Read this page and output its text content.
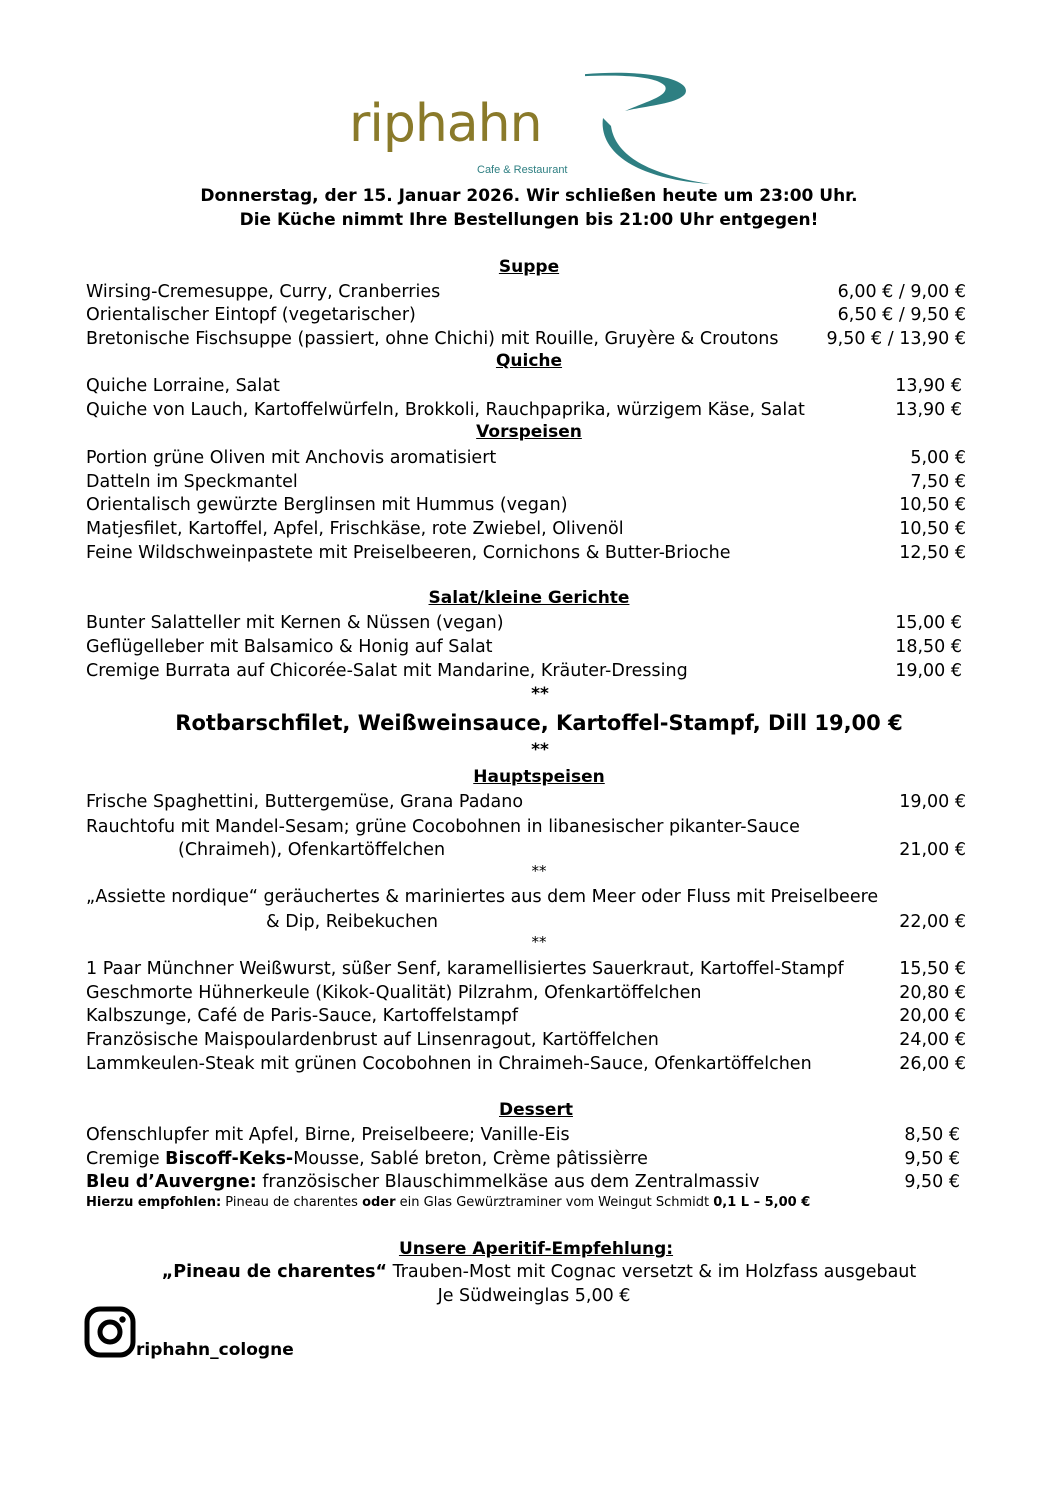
riphahn
Cafe & Restaurant
Donnerstag, der 15. Januar 2026. Wir schließen heute um 23:00 Uhr.
Die Küche nimmt Ihre Bestellungen bis 21:00 Uhr entgegen!
Suppe
Wirsing-Cremesuppe, Curry, Cranberries	6,00 € / 9,00 €
Orientalischer Eintopf (vegetarischer)	6,50 € / 9,50 €
Bretonische Fischsuppe (passiert, ohne Chichi) mit Rouille, Gruyère & Croutons	9,50 € / 13,90 €
Quiche
Quiche Lorraine, Salat	13,90 €
Quiche von Lauch, Kartoffelwürfeln, Brokkoli, Rauchpaprika, würzigem Käse, Salat	13,90 €
Vorspeisen
Portion grüne Oliven mit Anchovis aromatisiert	5,00 €
Datteln im Speckmantel	7,50 €
Orientalisch gewürzte Berglinsen mit Hummus (vegan)	10,50 €
Matjesfilet, Kartoffel, Apfel, Frischkäse, rote Zwiebel, Olivenöl	10,50 €
Feine Wildschweinpastete mit Preiselbeeren, Cornichons & Butter-Brioche	12,50 €
Salat/kleine Gerichte
Bunter Salatteller mit Kernen & Nüssen (vegan)	15,00 €
Geflügelleber mit Balsamico & Honig auf Salat	18,50 €
Cremige Burrata auf Chicorée-Salat mit Mandarine, Kräuter-Dressing	19,00 €
**
Rotbarschfilet, Weißweinsauce, Kartoffel-Stampf, Dill 19,00 €
**
Hauptspeisen
Frische Spaghettini, Buttergemüse, Grana Padano	19,00 €
Rauchtofu mit Mandel-Sesam; grüne Cocobohnen in libanesischer pikanter-Sauce
(Chraimeh), Ofenkartöffelchen	21,00 €
**
„Assiette nordique“ geräuchertes & mariniertes aus dem Meer oder Fluss mit Preiselbeere
& Dip, Reibekuchen	22,00 €
**
1 Paar Münchner Weißwurst, süßer Senf, karamellisiertes Sauerkraut, Kartoffel-Stampf	15,50 €
Geschmorte Hühnerkeule (Kikok-Qualität) Pilzrahm, Ofenkartöffelchen	20,80 €
Kalbszunge, Café de Paris-Sauce, Kartoffelstampf	20,00 €
Französische Maispoulardenbrust auf Linsenragout, Kartöffelchen	24,00 €
Lammkeulen-Steak mit grünen Cocobohnen in Chraimeh-Sauce, Ofenkartöffelchen	26,00 €
Dessert
Ofenschlupfer mit Apfel, Birne, Preiselbeere; Vanille-Eis	8,50 €
Cremige Biscoff-Keks-Mousse, Sablé breton, Crème pâtissièrre	9,50 €
Bleu d’Auvergne: französischer Blauschimmelkäse aus dem Zentralmassiv	9,50 €
Hierzu empfohlen: Pineau de charentes oder ein Glas Gewürztraminer vom Weingut Schmidt 0,1 L – 5,00 €
Unsere Aperitif-Empfehlung:
„Pineau de charentes“ Trauben-Most mit Cognac versetzt & im Holzfass ausgebaut
Je Südweinglas 5,00 €
riphahn_cologne
